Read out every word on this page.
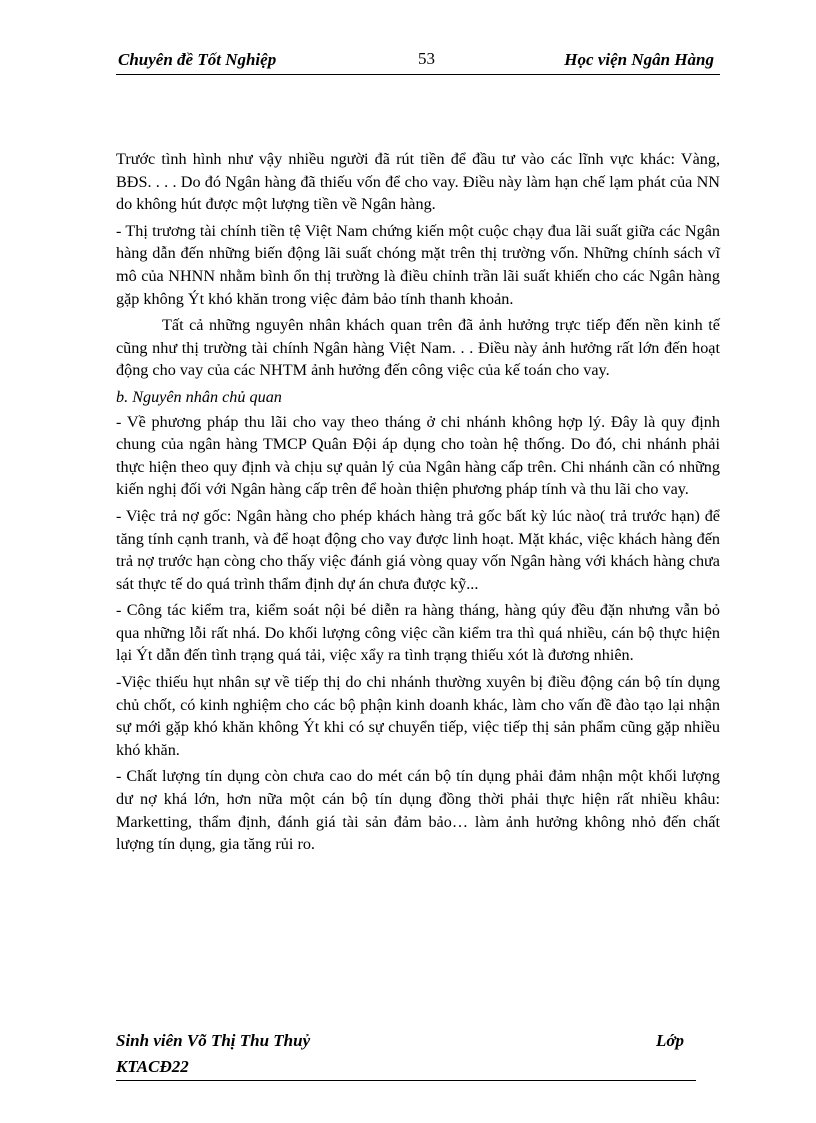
Chuyên đề Tốt Nghiệp	53	Học viện Ngân Hàng

Trước tình hình như vậy nhiều người đã rút tiền để đầu tư vào các lĩnh vực khác: Vàng, BĐS. . . . Do đó Ngân hàng đã thiếu vốn để cho vay. Điều này làm hạn chế lạm phát của NN do không hút được một lượng tiền về Ngân hàng.

- Thị trương tài chính tiền tệ Việt Nam chứng kiến một cuộc chạy đua lãi suất giữa các Ngân hàng dẫn đến những biến động lãi suất chóng mặt trên thị trường vốn. Những chính sách vĩ mô của NHNN nhằm bình ổn thị trường là điều chỉnh trần lãi suất khiến cho các Ngân hàng gặp không Ýt khó khăn trong việc đảm bảo tính thanh khoản.

Tất cả những nguyên nhân khách quan trên đã ảnh hưởng trực tiếp đến nền kinh tế cũng như thị trường tài chính Ngân hàng Việt Nam. . . Điều này ảnh hưởng rất lớn đến hoạt động cho vay của các NHTM ảnh hưởng đến công việc của kế toán cho vay.

b. Nguyên nhân chủ quan

- Về phương pháp thu lãi cho vay theo tháng ở chi nhánh không hợp lý. Đây là quy định chung của ngân hàng TMCP Quân Đội áp dụng cho toàn hệ thống. Do đó, chi nhánh phải thực hiện theo quy định và chịu sự quản lý của Ngân hàng cấp trên. Chi nhánh cần có những kiến nghị đối với Ngân hàng cấp trên để hoàn thiện phương pháp tính và thu lãi cho vay.

- Việc trả nợ gốc: Ngân hàng cho phép khách hàng trả gốc bất kỳ lúc nào( trả trước hạn) để tăng tính cạnh tranh, và để hoạt động cho vay được linh hoạt. Mặt khác, việc khách hàng đến trả nợ trước hạn còng cho thấy việc đánh giá vòng quay vốn Ngân hàng với khách hàng chưa sát thực tế do quá trình thẩm định dự án chưa được kỹ...

- Công tác kiểm tra, kiểm soát nội bé diễn ra hàng tháng, hàng qúy đều đặn nhưng vẫn bỏ qua những lỗi rất nhá. Do khối lượng công việc cần kiểm tra thì quá nhiều, cán bộ thực hiện lại Ýt dẫn đến tình trạng quá tải, việc xẩy ra tình trạng thiếu xót là đương nhiên.

-Việc thiếu hụt nhân sự về tiếp thị do chi nhánh thường xuyên bị điều động cán bộ tín dụng chủ chốt, có kinh nghiệm cho các bộ phận kinh doanh khác, làm cho vấn đề đào tạo lại nhận sự mới gặp khó khăn không Ýt khi có sự chuyển tiếp, việc tiếp thị sản phẩm cũng gặp nhiều khó khăn.

- Chất lượng tín dụng còn chưa cao do mét cán bộ tín dụng phải đảm nhận một khối lượng dư nợ khá lớn, hơn nữa một cán bộ tín dụng đồng thời phải thực hiện rất nhiều khâu: Marketting, thẩm định, đánh giá tài sản đảm bảo… làm ảnh hưởng không nhỏ đến chất lượng tín dụng, gia tăng rủi ro.

Sinh viên Võ Thị Thu Thuỷ	Lớp
KTACĐ22
